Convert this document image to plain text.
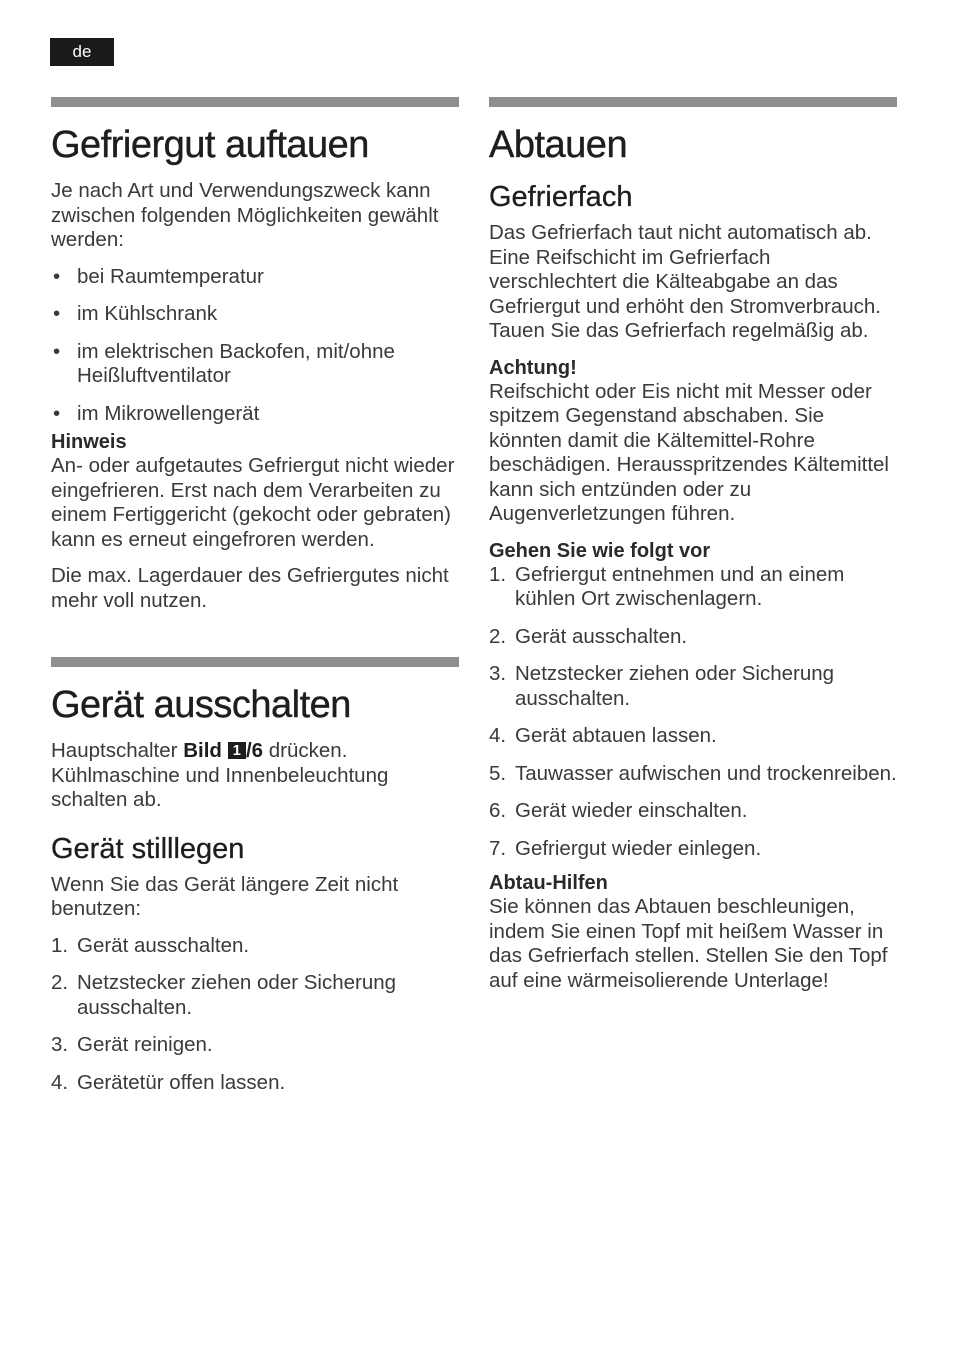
de
Gefriergut auftauen

Je nach Art und Verwendungszweck kann zwischen folgenden Möglichkeiten gewählt werden:

• bei Raumtemperatur
• im Kühlschrank
• im elektrischen Backofen, mit/ohne Heißluftventilator
• im Mikrowellengerät
Hinweis

An- oder aufgetautes Gefriergut nicht wieder eingefrieren. Erst nach dem Verarbeiten zu einem Fertiggericht (gekocht oder gebraten) kann es erneut eingefroren werden.

Die max. Lagerdauer des Gefriergutes nicht mehr voll nutzen.

Gerät ausschalten

Hauptschalter Bild 1 /6 drücken. Kühlmaschine und Innenbeleuchtung schalten ab.

Gerät stilllegen

Wenn Sie das Gerät längere Zeit nicht benutzen:

1. Gerät ausschalten.
2. Netzstecker ziehen oder Sicherung ausschalten.
3. Gerät reinigen.
4. Gerätetür offen lassen.
Abtauen
Gefrierfach

Das Gefrierfach taut nicht automatisch ab. Eine Reifschicht im Gefrierfach verschlechtert die Kälteabgabe an das Gefriergut und erhöht den Stromverbrauch. Tauen Sie das Gefrierfach regelmäßig ab.

Achtung!

Reifschicht oder Eis nicht mit Messer oder spitzem Gegenstand abschaben. Sie könnten damit die Kältemittel-Rohre beschädigen. Herausspritzendes Kältemittel kann sich entzünden oder zu Augenverletzungen führen.

Gehen Sie wie folgt vor
1. Gefriergut entnehmen und an einem kühlen Ort zwischenlagern.
2. Gerät ausschalten.
3. Netzstecker ziehen oder Sicherung ausschalten.
4. Gerät abtauen lassen.
5. Tauwasser aufwischen und trockenreiben.
6. Gerät wieder einschalten.
7. Gefriergut wieder einlegen.
Abtau-Hilfen

Sie können das Abtauen beschleunigen, indem Sie einen Topf mit heißem Wasser in das Gefrierfach stellen. Stellen Sie den Topf auf eine wärmeisolierende Unterlage!
